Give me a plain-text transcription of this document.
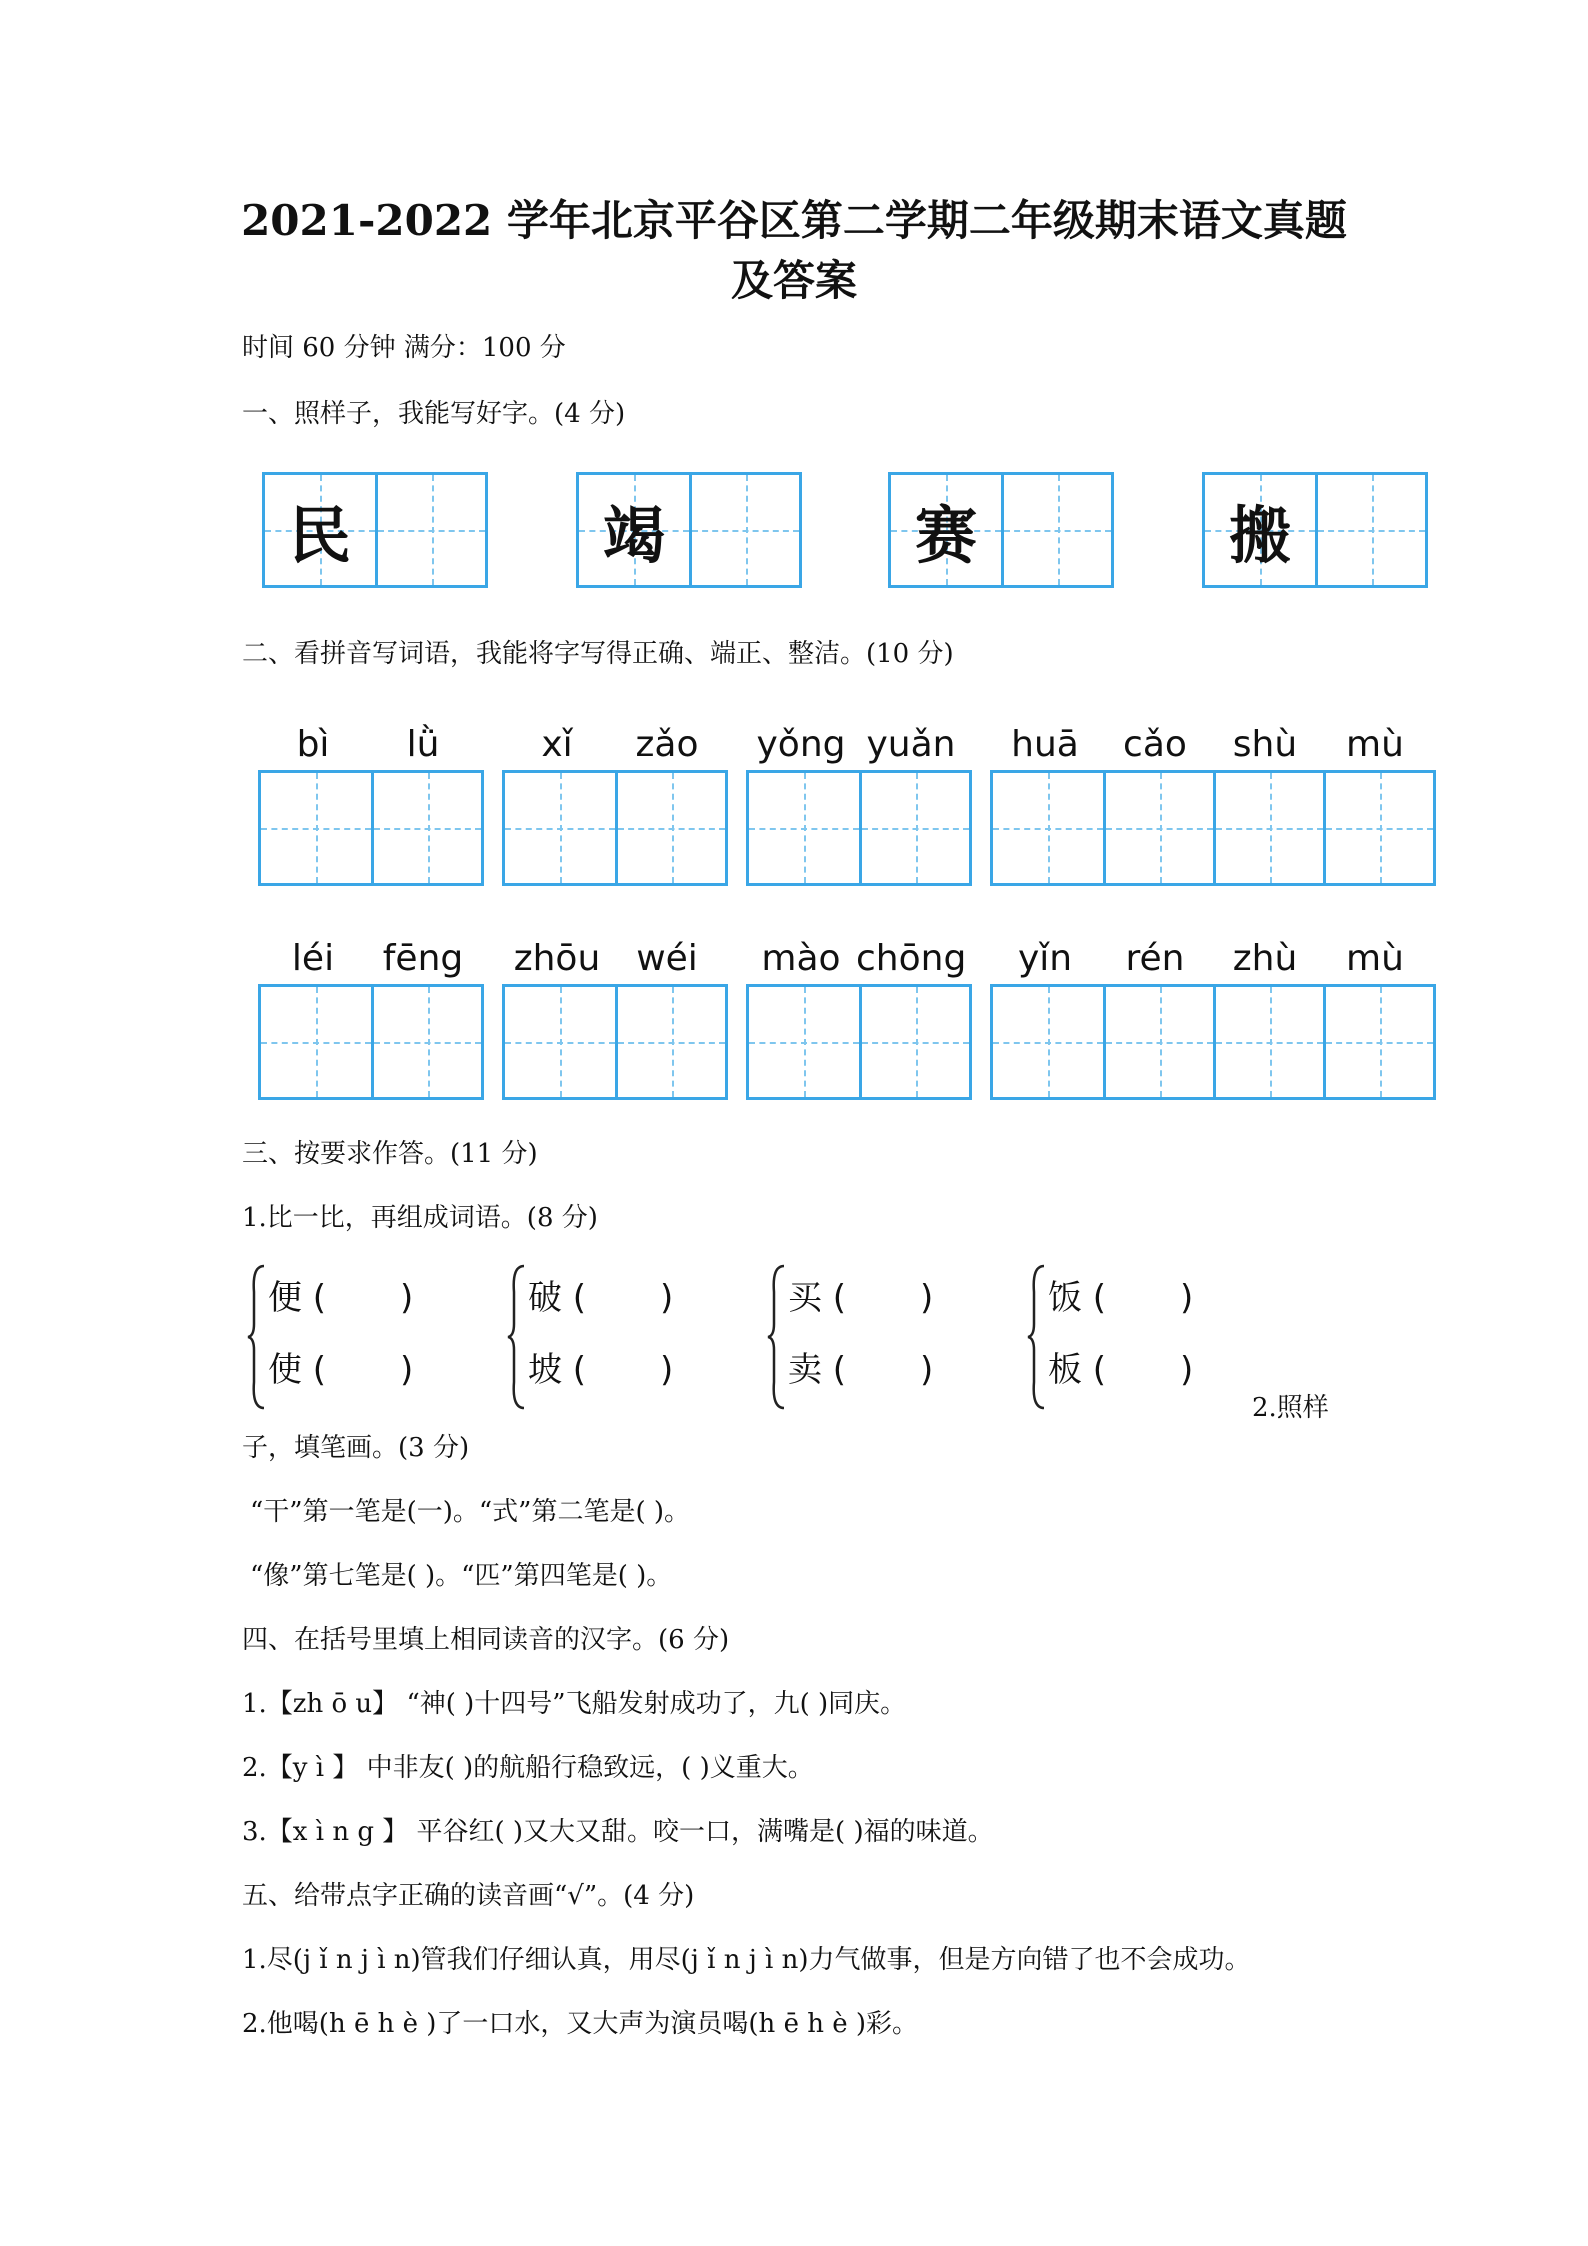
2021-2022 学年北京平谷区第二学期二年级期末语文真题
及答案
时间 60 分钟 满分：100 分
一、照样子，我能写好字。(4 分)
民	竭	赛	搬
二、看拼音写词语，我能将字写得正确、端正、整洁。(10 分)
bì	lǜ	xǐ	zǎo	yǒng yuǎn	huā	cǎo	shù	mù
léi	fēng	zhōu wéi	mào chōng	yǐn	rén	zhù	mù
三、按要求作答。(11 分)
1.比一比，再组成词语。(8 分)
便 ( )
使 ( )
破 ( )
坡 ( )
买 ( )
卖 ( )
饭 ( )
板 ( )
2.照样
子，填笔画。(3 分)
“干”第一笔是(一)。“式”第二笔是( )。
“像”第七笔是( )。“匹”第四笔是( )。
四、在括号里填上相同读音的汉字。(6 分)
1.【zh ō u】 “神( )十四号”飞船发射成功了，九( )同庆。
2.【y ì 】 中非友( )的航船行稳致远，( )义重大。
3.【x ì n g 】 平谷红( )又大又甜。咬一口，满嘴是( )福的味道。
五、给带点字正确的读音画“√”。(4 分)
1.尽(j ǐ n j ì n)管我们仔细认真，用尽(j ǐ n j ì n)力气做事，但是方向错了也不会成功。
2.他喝(h ē h è )了一口水，又大声为演员喝(h ē h è )彩。
